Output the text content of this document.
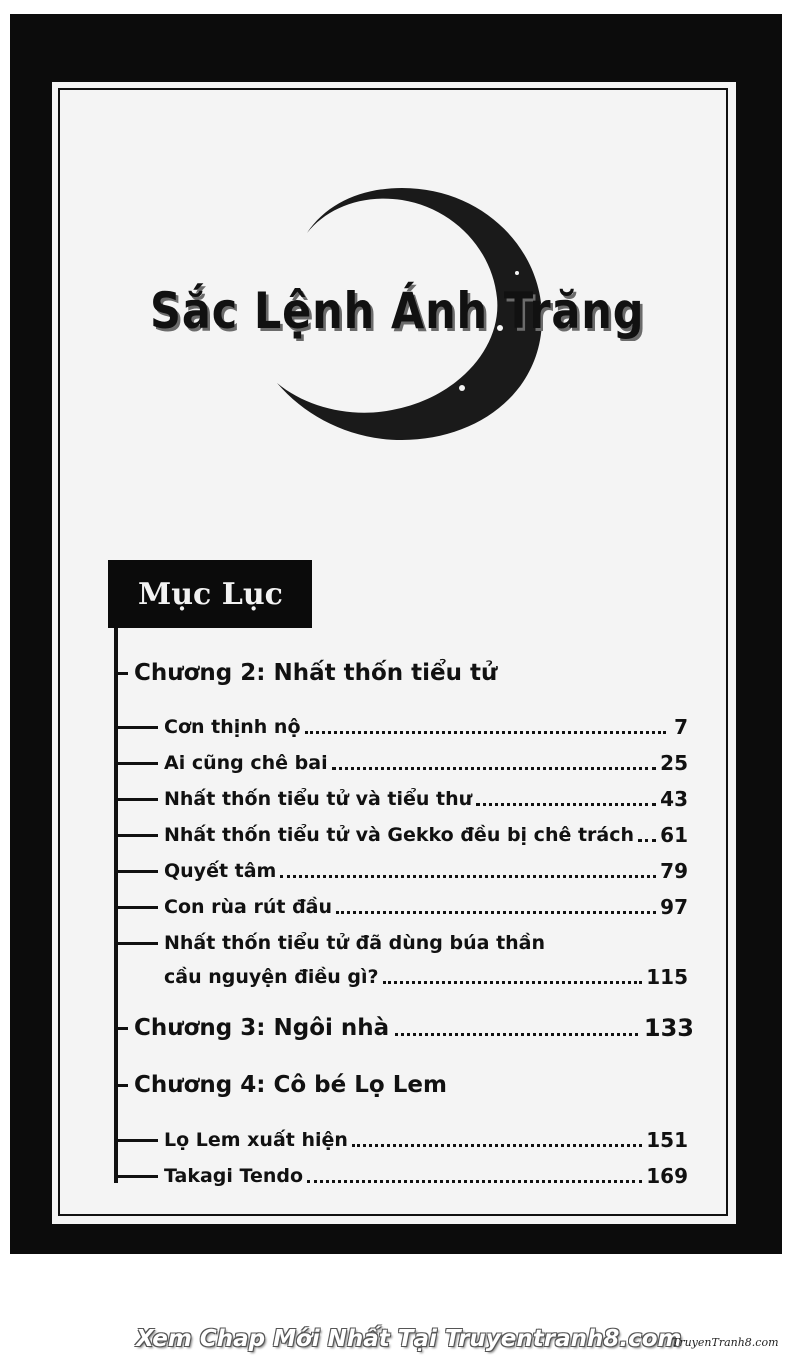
Sắc Lệnh Ánh Trăng
Mục Lục
Chương 2: Nhất thốn tiểu tử
Cơn thịnh nộ	7
Ai cũng chê bai	25
Nhất thốn tiểu tử và tiểu thư	43
Nhất thốn tiểu tử và Gekko đều bị chê trách 61
Quyết tâm	79
Con rùa rút đầu	97
Nhất thốn tiểu tử đã dùng búa thần
cầu nguyện điều gì?	115
Chương 3: Ngôi nhà	133
Chương 4: Cô bé Lọ Lem
Lọ Lem xuất hiện	151
Takagi Tendo	169
Xem Chap Mới Nhất Tại Truyentranh8.com
TruyenTranh8.com
